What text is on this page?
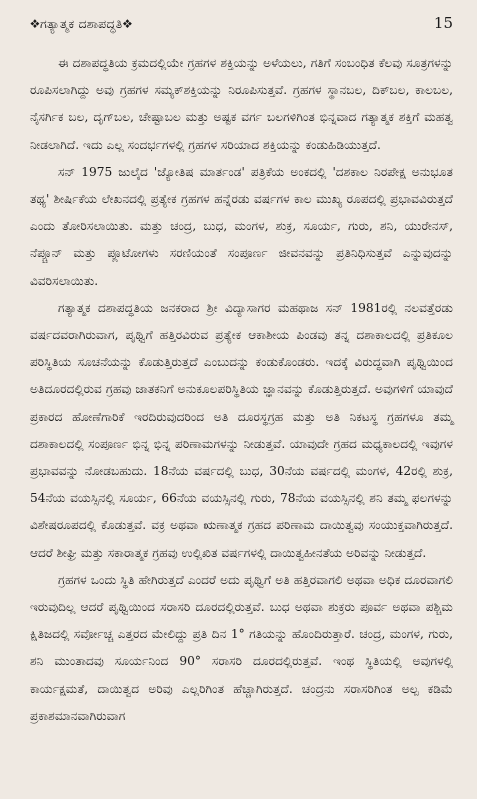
❖ಗತ್ಯಾತ್ಮಕ ದಶಾಪದ್ಧತಿ❖	15

ಈ ದಶಾಪದ್ಧತಿಯ ಕ್ರಮದಲ್ಲಿಯೇ ಗ್ರಹಗಳ ಶಕ್ತಿಯನ್ನು ಅಳೆಯಲು, ಗತಿಗೆ ಸಂಬಂಧಿತ ಕೆಲವು ಸೂತ್ರಗಳನ್ನು ರೂಪಿಸಲಾಗಿದ್ದು ಅವು ಗ್ರಹಗಳ ಸಮ್ಯಕ್‌ಶಕ್ತಿಯನ್ನು ನಿರೂಪಿಸುತ್ತವೆ. ಗ್ರಹಗಳ ಸ್ಥಾನಬಲ, ದಿಕ್‌ಬಲ, ಕಾಲಬಲ, ನೈಸರ್ಗಿಕ ಬಲ, ದೃಗ್‌ಬಲ, ಚೇಷ್ಟಾಬಲ ಮತ್ತು ಅಷ್ಟಕ ವರ್ಗ ಬಲಗಳಿಗಿಂತ ಭಿನ್ನವಾದ ಗತ್ಯಾತ್ಮಕ ಶಕ್ತಿಗೆ ಮಹತ್ವ ನೀಡಲಾಗಿದೆ. ಇದು ಎಲ್ಲ ಸಂದರ್ಭಗಳಲ್ಲಿ ಗ್ರಹಗಳ ಸರಿಯಾದ ಶಕ್ತಿಯನ್ನು ಕಂಡುಹಿಡಿಯುತ್ತದೆ.

ಸನ್ 1975 ಜುಲೈದ 'ಜ್ಯೋತಿಷ ಮಾರ್ತಂಡ' ಪತ್ರಿಕೆಯ ಅಂಕದಲ್ಲಿ 'ದಶಕಾಲ ನಿರಪೇಕ್ಷ ಅನುಭೂತ ತಥ್ಯ' ಶೀರ್ಷಿಕೆಯ ಲೇಖನದಲ್ಲಿ ಪ್ರತ್ಯೇಕ ಗ್ರಹಗಳ ಹನ್ನೆರಡು ವರ್ಷಗಳ ಕಾಲ ಮುಖ್ಯ ರೂಪದಲ್ಲಿ ಪ್ರಭಾವವಿರುತ್ತದೆ ಎಂದು ತೋರಿಸಲಾಯಿತು. ಮತ್ತು ಚಂದ್ರ, ಬುಧ, ಮಂಗಳ, ಶುಕ್ರ, ಸೂರ್ಯ, ಗುರು, ಶನಿ, ಯುರೇನಸ್, ನೆಪ್ಚೂನ್ ಮತ್ತು ಪ್ಲೂಟೋಗಳು ಸರಣಿಯಂತೆ ಸಂಪೂರ್ಣ ಜೀವನವನ್ನು ಪ್ರತಿನಿಧಿಸುತ್ತವೆ ಎನ್ನುವುದನ್ನು ವಿವರಿಸಲಾಯಿತು.

ಗತ್ಯಾತ್ಮಕ ದಶಾಪದ್ಧತಿಯ ಜನಕರಾದ ಶ್ರೀ ವಿದ್ಯಾಸಾಗರ ಮಹಥಾಜ ಸನ್ 1981ರಲ್ಲಿ ನಲವತ್ತೆರಡು ವರ್ಷದವರಾಗಿರುವಾಗ, ಪೃಥ್ವಿಗೆ ಹತ್ತಿರವಿರುವ ಪ್ರತ್ಯೇಕ ಆಕಾಶೀಯ ಪಿಂಡವು ತನ್ನ ದಶಾಕಾಲದಲ್ಲಿ ಪ್ರತಿಕೂಲ ಪರಿಸ್ಥಿತಿಯ ಸೂಚನೆಯನ್ನು ಕೊಡುತ್ತಿರುತ್ತದೆ ಎಂಬುದನ್ನು ಕಂಡುಕೊಂಡರು. ಇದಕ್ಕೆ ವಿರುದ್ಧವಾಗಿ ಪೃಥ್ವಿಯಿಂದ ಅತಿದೂರದಲ್ಲಿರುವ ಗ್ರಹವು ಜಾತಕನಿಗೆ ಅನುಕೂಲಪರಿಸ್ಥಿತಿಯ ಜ್ಞಾನವನ್ನು ಕೊಡುತ್ತಿರುತ್ತದೆ. ಅವುಗಳಿಗೆ ಯಾವುದೆ ಪ್ರಕಾರದ ಹೋಣೆಗಾರಿಕೆ ಇರದಿರುವುದರಿಂದ ಅತಿ ದೂರಸ್ಥಗ್ರಹ ಮತ್ತು ಅತಿ ನಿಕಟಸ್ಥ ಗ್ರಹಗಳೂ ತಮ್ಮ ದಶಾಕಾಲದಲ್ಲಿ ಸಂಪೂರ್ಣ ಭಿನ್ನ ಭಿನ್ನ ಪರಿಣಾಮಗಳನ್ನು ನೀಡುತ್ತವೆ. ಯಾವುದೇ ಗ್ರಹದ ಮಧ್ಯಕಾಲದಲ್ಲಿ ಇವುಗಳ ಪ್ರಭಾವವನ್ನು ನೋಡಬಹುದು. 18ನೆಯ ವರ್ಷದಲ್ಲಿ ಬುಧ, 30ನೆಯ ವರ್ಷದಲ್ಲಿ ಮಂಗಳ, 42ರಲ್ಲಿ ಶುಕ್ರ, 54ನೆಯ ವಯಸ್ಸಿನಲ್ಲಿ ಸೂರ್ಯ, 66ನೆಯ ವಯಸ್ಸಿನಲ್ಲಿ ಗುರು, 78ನೆಯ ವಯಸ್ಸಿನಲ್ಲಿ ಶನಿ ತಮ್ಮ ಫಲಗಳನ್ನು ವಿಶೇಷರೂಪದಲ್ಲಿ ಕೊಡುತ್ತವೆ. ವಕ್ರ ಅಥವಾ ಋಣಾತ್ಮಕ ಗ್ರಹದ ಪರಿಣಾಮ ದಾಯಿತ್ವವು ಸಂಯುಕ್ತವಾಗಿರುತ್ತದೆ. ಆದರೆ ಶೀಘ್ರಿ ಮತ್ತು ಸಕಾರಾತ್ಮಕ ಗ್ರಹವು ಉಲ್ಲಿಖಿತ ವರ್ಷಗಳಲ್ಲಿ ದಾಯಿತ್ವಹೀನತೆಯ ಅರಿವನ್ನು ನೀಡುತ್ತದೆ.

ಗ್ರಹಗಳ ಒಂದು ಸ್ಥಿತಿ ಹೇಗಿರುತ್ತದೆ ಎಂದರೆ ಅದು ಪೃಥ್ವಿಗೆ ಅತಿ ಹತ್ತಿರವಾಗಲಿ ಅಥವಾ ಅಧಿಕ ದೂರವಾಗಲಿ ಇರುವುದಿಲ್ಲ ಆದರೆ ಪೃಥ್ವಿಯಿಂದ ಸರಾಸರಿ ದೂರದಲ್ಲಿರುತ್ತವೆ. ಬುಧ ಅಥವಾ ಶುಕ್ರರು ಪೂರ್ವ ಅಥವಾ ಪಶ್ಚಿಮ ಕ್ಷಿತಿಜದಲ್ಲಿ ಸರ್ವೋಚ್ಚ ಎತ್ತರದ ಮೇಲಿದ್ದು ಪ್ರತಿ ದಿನ 1° ಗತಿಯನ್ನು ಹೊಂದಿರುತ್ತಾರೆ. ಚಂದ್ರ, ಮಂಗಳ, ಗುರು, ಶನಿ ಮುಂತಾದವು ಸೂರ್ಯನಿಂದ 90° ಸರಾಸರಿ ದೂರದಲ್ಲಿರುತ್ತವೆ. ಇಂಥ ಸ್ಥಿತಿಯಲ್ಲಿ ಅವುಗಳಲ್ಲಿ ಕಾರ್ಯಕ್ಷಮತೆ, ದಾಯಿತ್ವದ ಅರಿವು ಎಲ್ಲರಿಗಿಂತ ಹೆಚ್ಚಾಗಿರುತ್ತದೆ. ಚಂದ್ರನು ಸರಾಸರಿಗಿಂತ ಅಲ್ಪ ಕಡಿಮೆ ಪ್ರಕಾಶಮಾನವಾಗಿರುವಾಗ
